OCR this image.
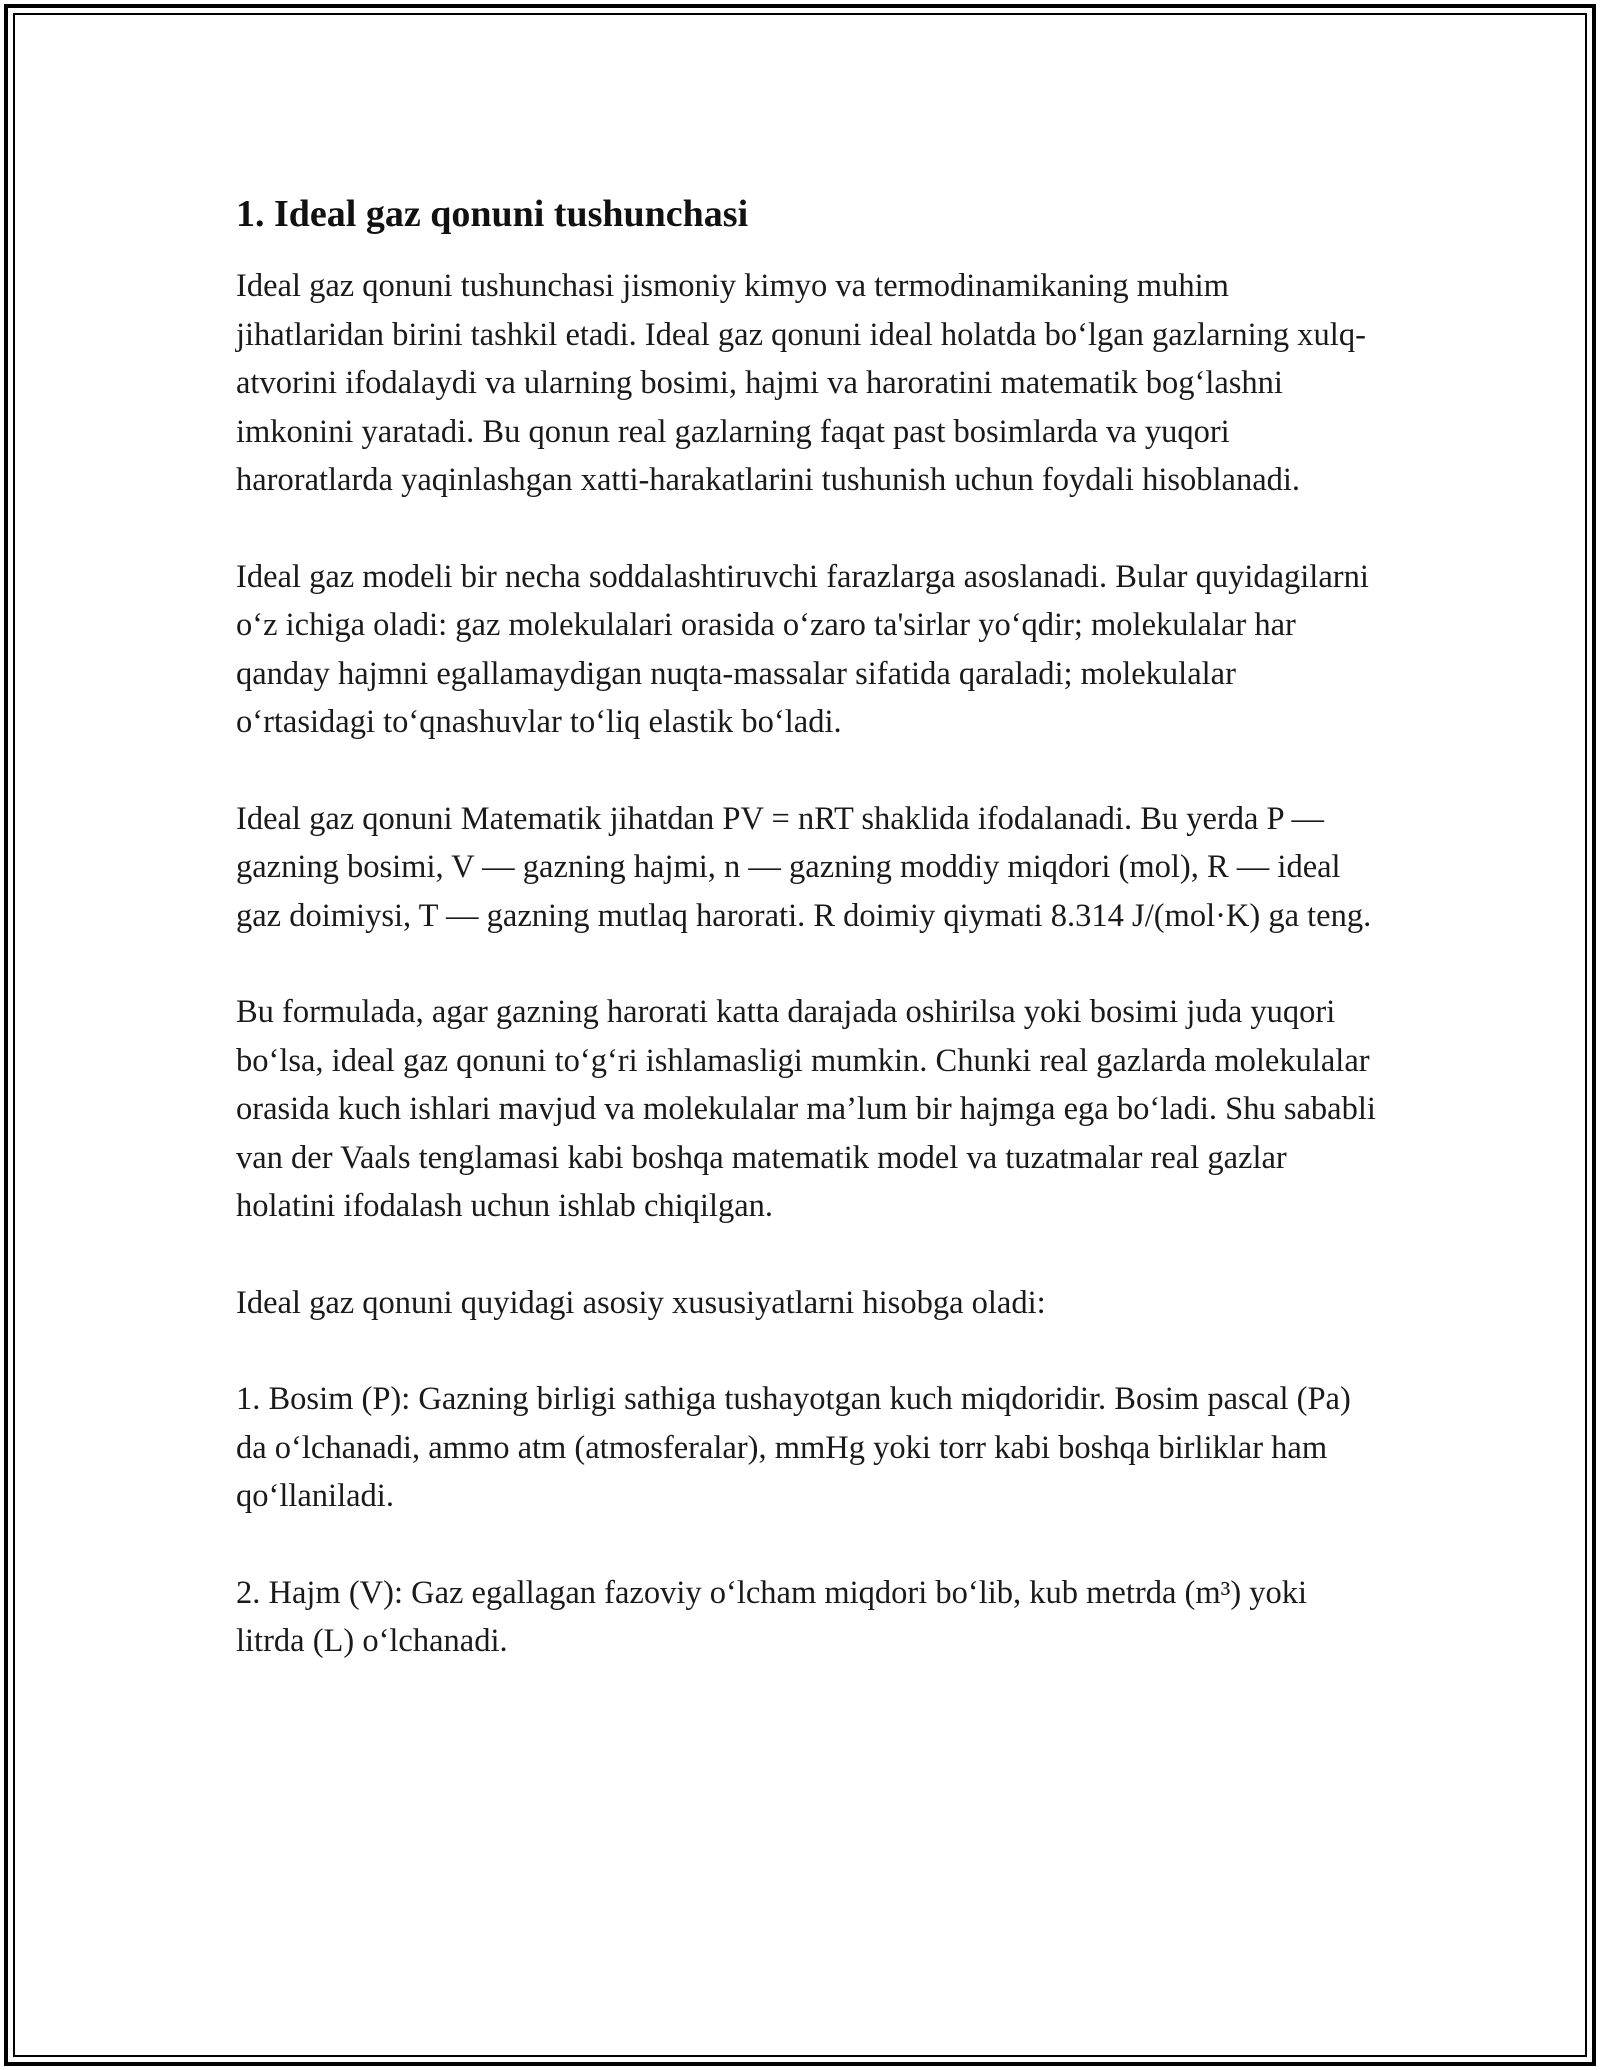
1. Ideal gaz qonuni tushunchasi

Ideal gaz qonuni tushunchasi jismoniy kimyo va termodinamikaning muhim jihatlaridan birini tashkil etadi. Ideal gaz qonuni ideal holatda bo‘lgan gazlarning xulq-atvorini ifodalaydi va ularning bosimi, hajmi va haroratini matematik bog‘lashni imkonini yaratadi. Bu qonun real gazlarning faqat past bosimlarda va yuqori haroratlarda yaqinlashgan xatti-harakatlarini tushunish uchun foydali hisoblanadi.

Ideal gaz modeli bir necha soddalashtiruvchi farazlarga asoslanadi. Bular quyidagilarni o‘z ichiga oladi: gaz molekulalari orasida o‘zaro ta'sirlar yo‘qdir; molekulalar har qanday hajmni egallamaydigan nuqta-massalar sifatida qaraladi; molekulalar o‘rtasidagi to‘qnashuvlar to‘liq elastik bo‘ladi.

Ideal gaz qonuni Matematik jihatdan PV = nRT shaklida ifodalanadi. Bu yerda P — gazning bosimi, V — gazning hajmi, n — gazning moddiy miqdori (mol), R — ideal gaz doimiysi, T — gazning mutlaq harorati. R doimiy qiymati 8.314 J/(mol·K) ga teng.

Bu formulada, agar gazning harorati katta darajada oshirilsa yoki bosimi juda yuqori bo‘lsa, ideal gaz qonuni to‘g‘ri ishlamasligi mumkin. Chunki real gazlarda molekulalar orasida kuch ishlari mavjud va molekulalar ma’lum bir hajmga ega bo‘ladi. Shu sababli van der Vaals tenglamasi kabi boshqa matematik model va tuzatmalar real gazlar holatini ifodalash uchun ishlab chiqilgan.

Ideal gaz qonuni quyidagi asosiy xususiyatlarni hisobga oladi:

1. Bosim (P): Gazning birligi sathiga tushayotgan kuch miqdoridir. Bosim pascal (Pa) da o‘lchanadi, ammo atm (atmosferalar), mmHg yoki torr kabi boshqa birliklar ham qo‘llaniladi.

2. Hajm (V): Gaz egallagan fazoviy o‘lcham miqdori bo‘lib, kub metrda (m³) yoki litrda (L) o‘lchanadi.
